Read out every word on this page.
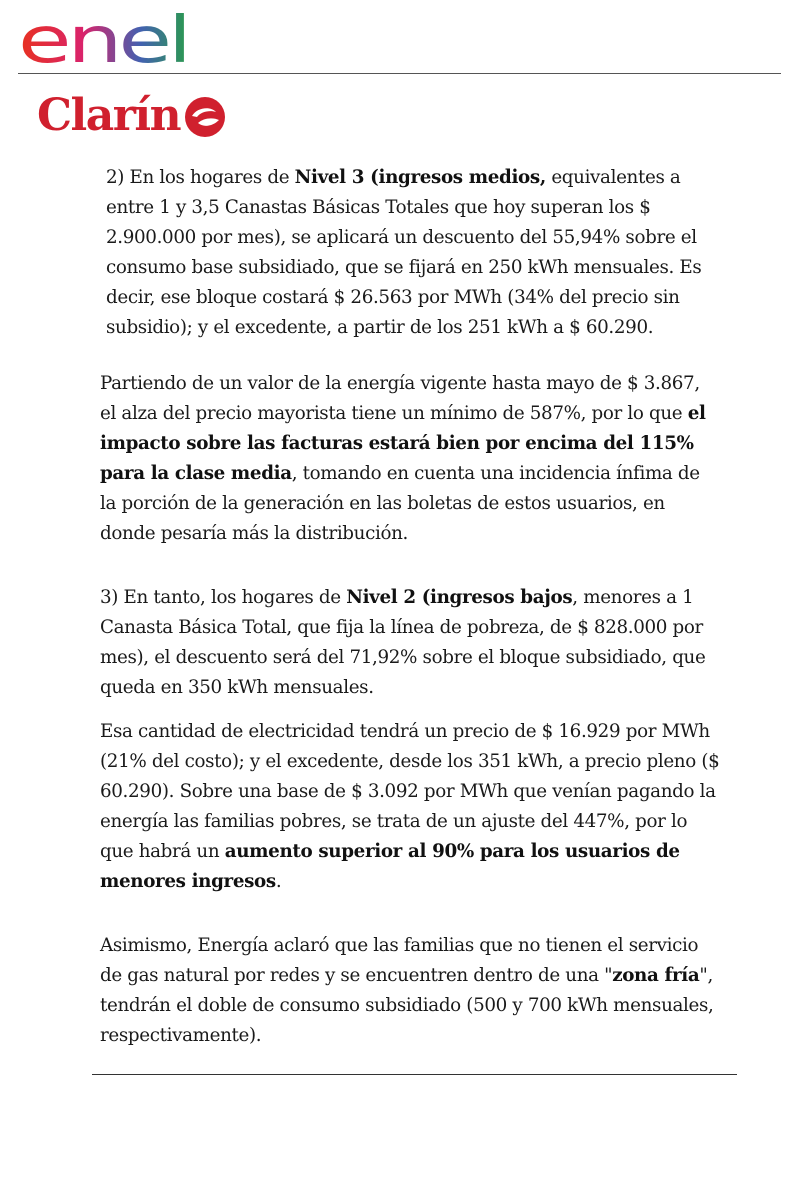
enel
Clarín

2) En los hogares de Nivel 3 (ingresos medios, equivalentes a entre 1 y 3,5 Canastas Básicas Totales que hoy superan los $ 2.900.000 por mes), se aplicará un descuento del 55,94% sobre el consumo base subsidiado, que se fijará en 250 kWh mensuales. Es decir, ese bloque costará $ 26.563 por MWh (34% del precio sin subsidio); y el excedente, a partir de los 251 kWh a $ 60.290.

Partiendo de un valor de la energía vigente hasta mayo de $ 3.867, el alza del precio mayorista tiene un mínimo de 587%, por lo que el impacto sobre las facturas estará bien por encima del 115% para la clase media, tomando en cuenta una incidencia ínfima de la porción de la generación en las boletas de estos usuarios, en donde pesaría más la distribución.

3) En tanto, los hogares de Nivel 2 (ingresos bajos, menores a 1 Canasta Básica Total, que fija la línea de pobreza, de $ 828.000 por mes), el descuento será del 71,92% sobre el bloque subsidiado, que queda en 350 kWh mensuales.

Esa cantidad de electricidad tendrá un precio de $ 16.929 por MWh (21% del costo); y el excedente, desde los 351 kWh, a precio pleno ($ 60.290). Sobre una base de $ 3.092 por MWh que venían pagando la energía las familias pobres, se trata de un ajuste del 447%, por lo que habrá un aumento superior al 90% para los usuarios de menores ingresos.

Asimismo, Energía aclaró que las familias que no tienen el servicio de gas natural por redes y se encuentren dentro de una "zona fría", tendrán el doble de consumo subsidiado (500 y 700 kWh mensuales, respectivamente).
